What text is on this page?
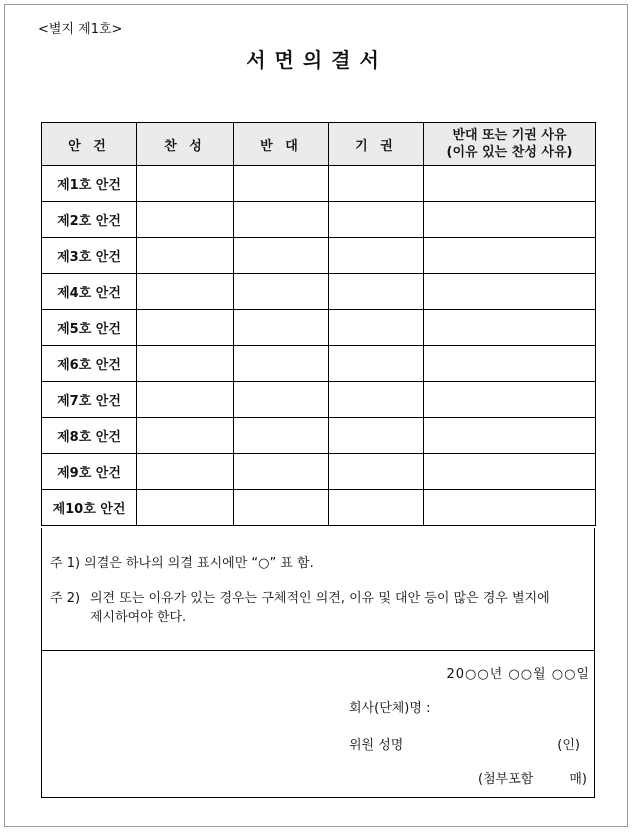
<별지 제1호>
서면의결서
안 건	찬 성	반 대	기 권	반대 또는 기권 사유
(이유 있는 찬성 사유)
제1호 안건				
제2호 안건				
제3호 안건				
제4호 안건				
제5호 안건				
제6호 안건				
제7호 안건				
제8호 안건				
제9호 안건				
제10호 안건				
주 1) 의결은 하나의 의결 표시에만 “○” 표 함.
주 2) 의견 또는 이유가 있는 경우는 구체적인 의견, 이유 및 대안 등이 많은 경우 별지에
제시하여야 한다.
20○○년 ○○월 ○○일
회사(단체)명 :
위원 성명	(인)
(첨부포함	매)
